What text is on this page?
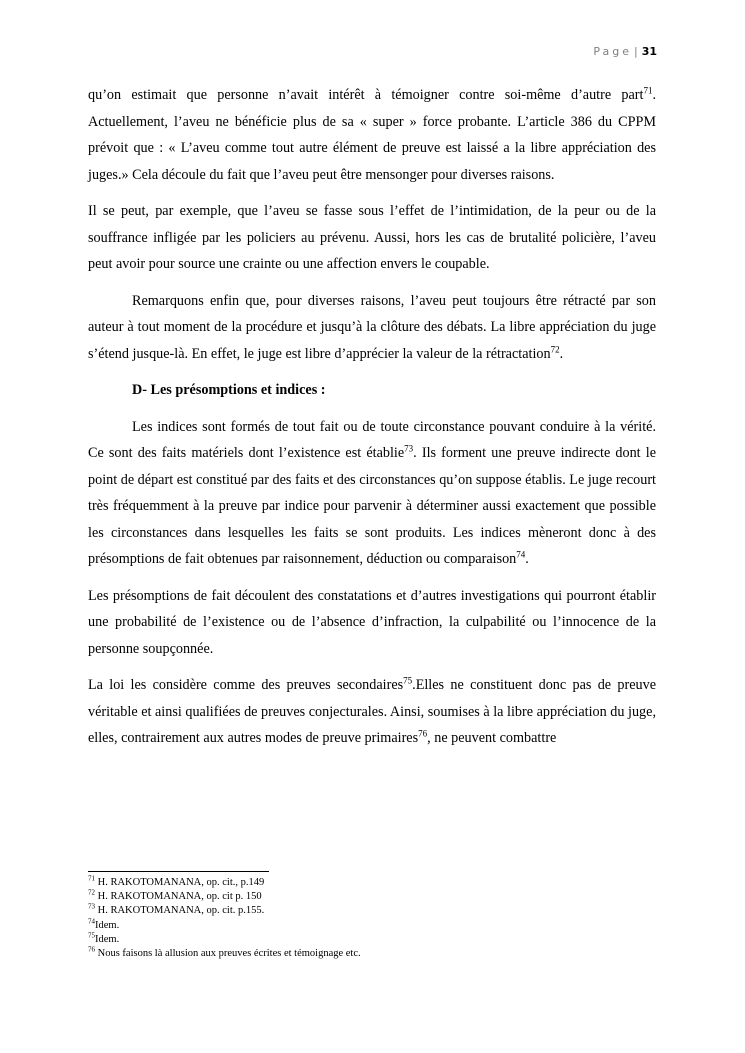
Page | 31

qu’on estimait que personne n’avait intérêt à témoigner contre soi-même d’autre part$^{71}$. Actuellement, l’aveu ne bénéficie plus de sa « super » force probante. L’article 386 du CPPM prévoit que : « L’aveu comme tout autre élément de preuve est laissé a la libre appréciation des juges.» Cela découle du fait que l’aveu peut être mensonger pour diverses raisons.

Il se peut, par exemple, que l’aveu se fasse sous l’effet de l’intimidation, de la peur ou de la souffrance infligée par les policiers au prévenu. Aussi, hors les cas de brutalité policière, l’aveu peut avoir pour source une crainte ou une affection envers le coupable.

Remarquons enfin que, pour diverses raisons, l’aveu peut toujours être rétracté par son auteur à tout moment de la procédure et jusqu’à la clôture des débats. La libre appréciation du juge s’étend jusque-là. En effet, le juge est libre d’apprécier la valeur de la rétractation$^{72}$.

D- Les présomptions et indices :

Les indices sont formés de tout fait ou de toute circonstance pouvant conduire à la vérité. Ce sont des faits matériels dont l’existence est établie$^{73}$. Ils forment une preuve indirecte dont le point de départ est constitué par des faits et des circonstances qu’on suppose établis. Le juge recourt très fréquemment à la preuve par indice pour parvenir à déterminer aussi exactement que possible les circonstances dans lesquelles les faits se sont produits. Les indices mèneront donc à des présomptions de fait obtenues par raisonnement, déduction ou comparaison$^{74}$.

Les présomptions de fait découlent des constatations et d’autres investigations qui pourront établir une probabilité de l’existence ou de l’absence d’infraction, la culpabilité ou l’innocence de la personne soupçonnée.

La loi les considère comme des preuves secondaires$^{75}$.Elles ne constituent donc pas de preuve véritable et ainsi qualifiées de preuves conjecturales. Ainsi, soumises à la libre appréciation du juge, elles, contrairement aux autres modes de preuve primaires$^{76}$, ne peuvent combattre

$^{71}$ H. RAKOTOMANANA, op. cit., p.149
$^{72}$ H. RAKOTOMANANA, op. cit p. 150
$^{73}$ H. RAKOTOMANANA, op. cit. p.155.
$^{74}$Idem.
$^{75}$Idem.
$^{76}$ Nous faisons là allusion aux preuves écrites et témoignage etc.
